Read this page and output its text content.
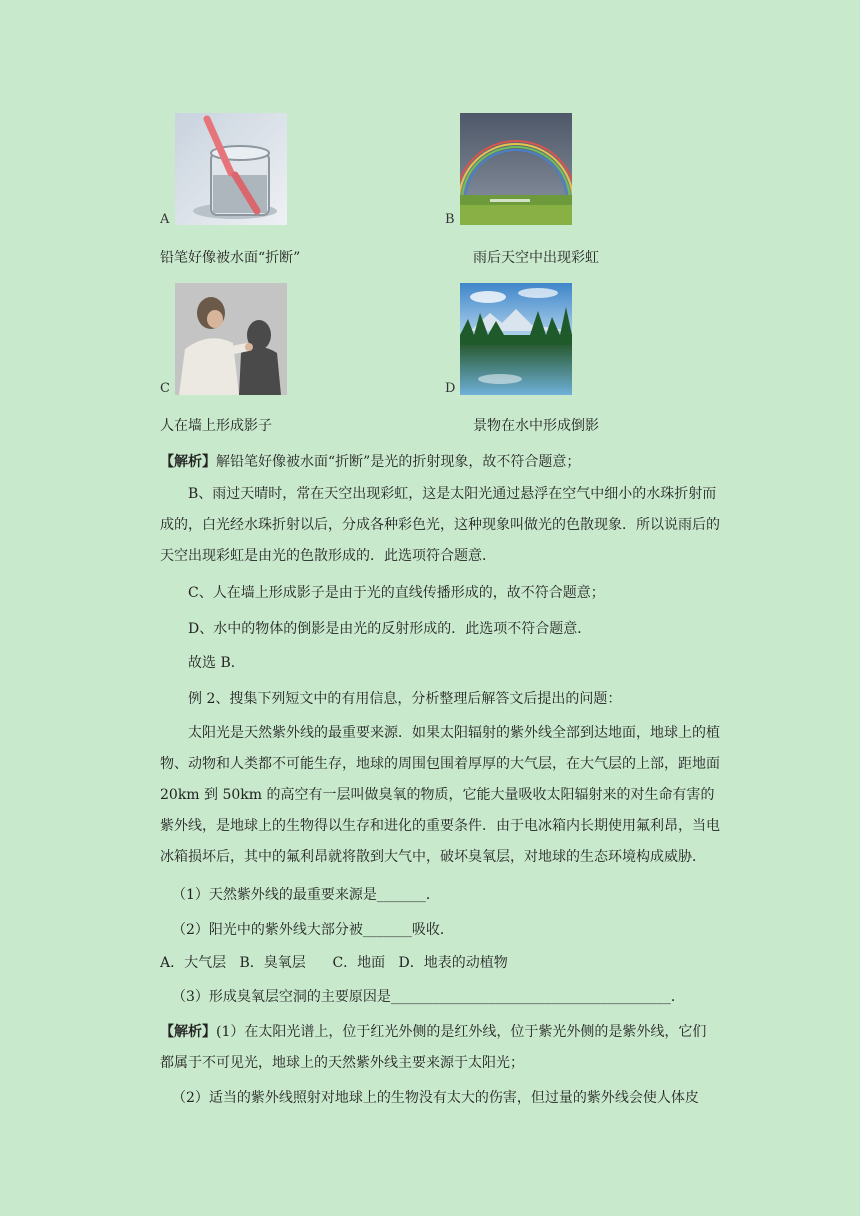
A
铅笔好像被水面“折断”
B
雨后天空中出现彩虹
C
人在墙上形成影子
D
景物在水中形成倒影
【解析】解铅笔好像被水面“折断”是光的折射现象，故不符合题意；

B、雨过天晴时，常在天空出现彩虹，这是太阳光通过悬浮在空气中细小的水珠折射而成的，白光经水珠折射以后，分成各种彩色光，这种现象叫做光的色散现象．所以说雨后的天空出现彩虹是由光的色散形成的．此选项符合题意．

C、人在墙上形成影子是由于光的直线传播形成的，故不符合题意；

D、水中的物体的倒影是由光的反射形成的．此选项不符合题意．

故选 B．

例 2、搜集下列短文中的有用信息，分析整理后解答文后提出的问题：

太阳光是天然紫外线的最重要来源．如果太阳辐射的紫外线全部到达地面，地球上的植物、动物和人类都不可能生存，地球的周围包围着厚厚的大气层，在大气层的上部，距地面 20km 到 50km 的高空有一层叫做臭氧的物质，它能大量吸收太阳辐射来的对生命有害的紫外线，是地球上的生物得以生存和进化的重要条件．由于电冰箱内长期使用氟利昂，当电冰箱损坏后，其中的氟利昂就将散到大气中，破坏臭氧层，对地球的生态环境构成威胁．

（1）天然紫外线的最重要来源是_______．
（2）阳光中的紫外线大部分被_______吸收．
A．大气层   B．臭氧层      C．地面   D．地表的动植物
（3）形成臭氧层空洞的主要原因是________________________________________．

【解析】(1）在太阳光谱上，位于红光外侧的是红外线，位于紫光外侧的是紫外线，它们都属于不可见光，地球上的天然紫外线主要来源于太阳光；

（2）适当的紫外线照射对地球上的生物没有太大的伤害，但过量的紫外线会使人体皮
